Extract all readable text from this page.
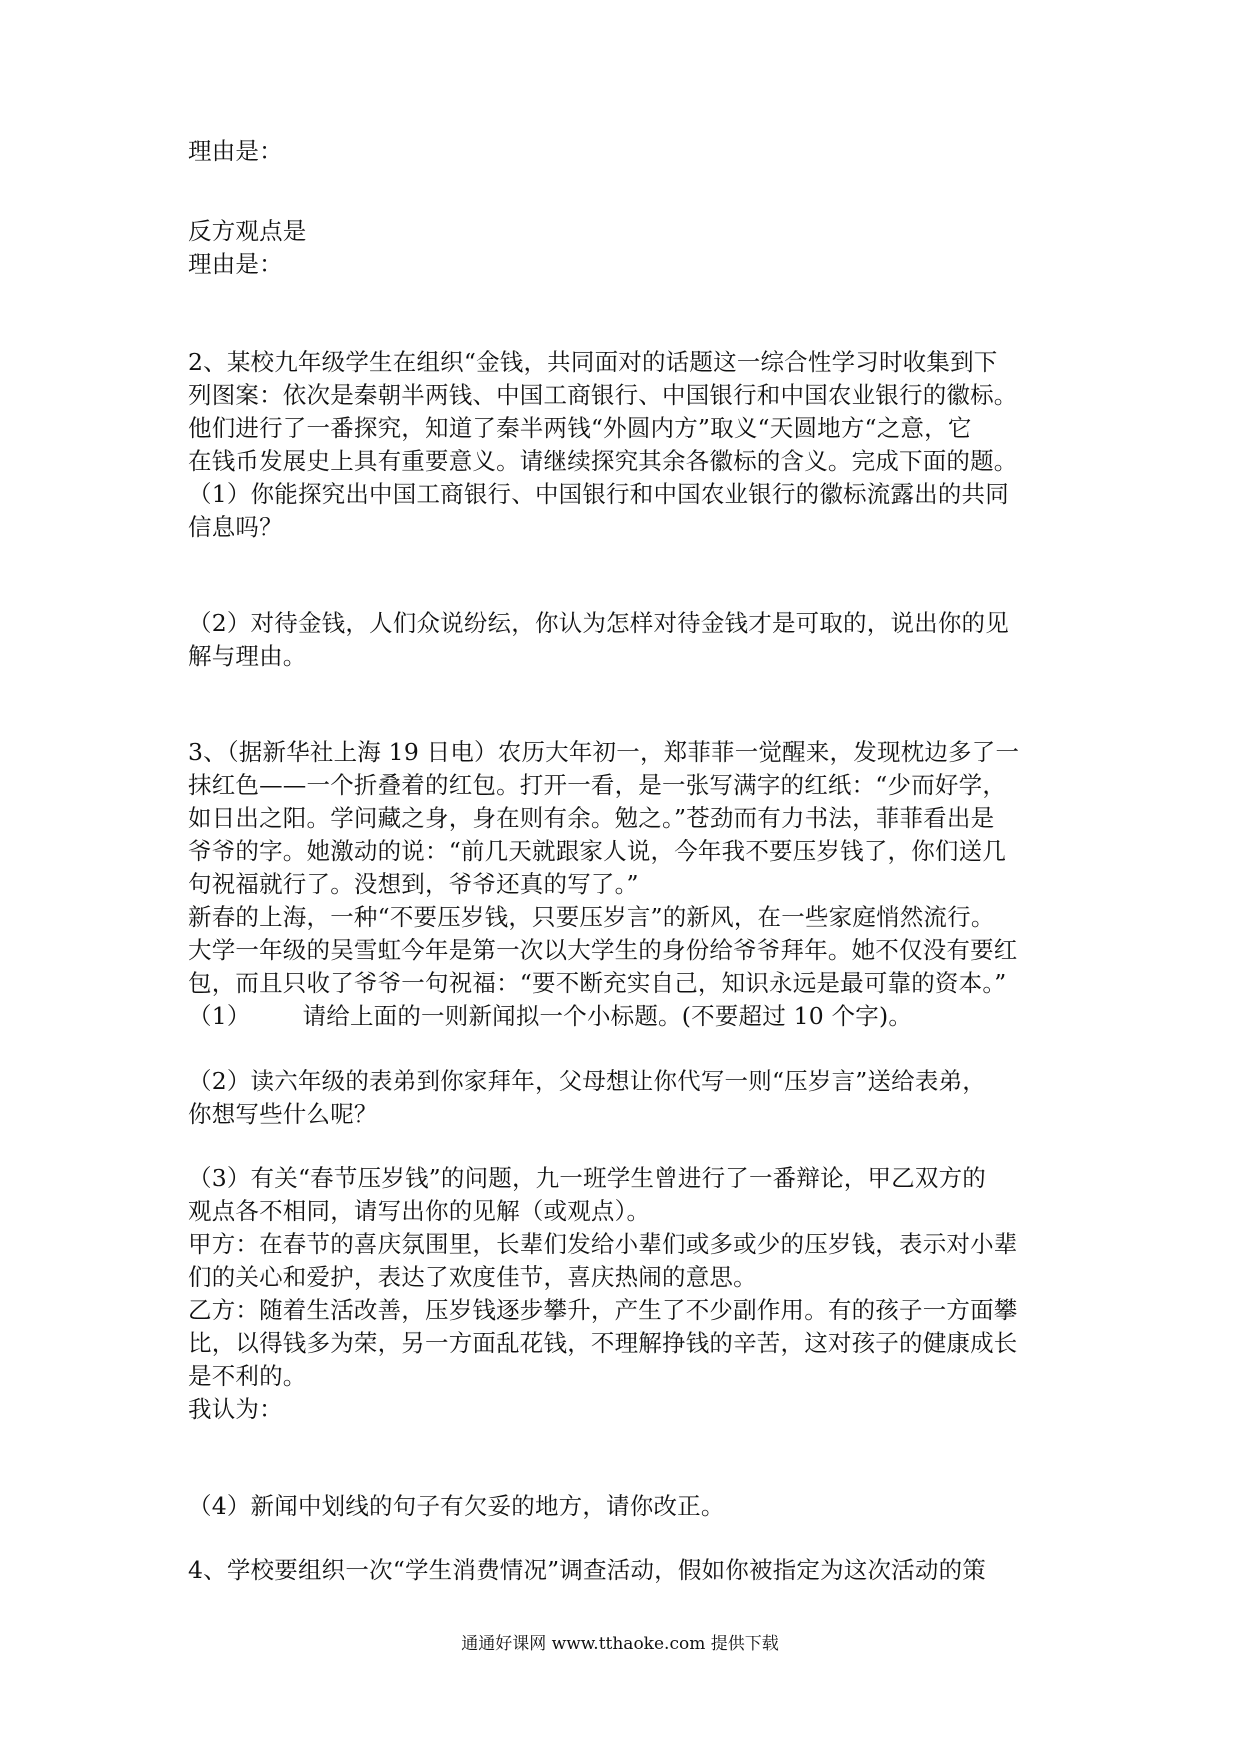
理由是：
反方观点是
理由是：
2、某校九年级学生在组织“金钱，共同面对的话题这一综合性学习时收集到下
列图案：依次是秦朝半两钱、中国工商银行、中国银行和中国农业银行的徽标。
他们进行了一番探究，知道了秦半两钱“外圆内方”取义“天圆地方“之意，它
在钱币发展史上具有重要意义。请继续探究其余各徽标的含义。完成下面的题。
（1）你能探究出中国工商银行、中国银行和中国农业银行的徽标流露出的共同
信息吗？
（2）对待金钱，人们众说纷纭，你认为怎样对待金钱才是可取的，说出你的见
解与理由。
3、（据新华社上海 19 日电）农历大年初一，郑菲菲一觉醒来，发现枕边多了一
抹红色——一个折叠着的红包。打开一看，是一张写满字的红纸：“少而好学，
如日出之阳。学问藏之身，身在则有余。勉之。”苍劲而有力书法，菲菲看出是
爷爷的字。她激动的说：“前几天就跟家人说，今年我不要压岁钱了，你们送几
句祝福就行了。没想到，爷爷还真的写了。”
新春的上海，一种“不要压岁钱，只要压岁言”的新风，在一些家庭悄然流行。
大学一年级的吴雪虹今年是第一次以大学生的身份给爷爷拜年。她不仅没有要红
包，而且只收了爷爷一句祝福：“要不断充实自己，知识永远是最可靠的资本。”
（1） 请给上面的一则新闻拟一个小标题。(不要超过 10 个字)。
（2）读六年级的表弟到你家拜年，父母想让你代写一则“压岁言”送给表弟，
你想写些什么呢？
（3）有关“春节压岁钱”的问题，九一班学生曾进行了一番辩论，甲乙双方的
观点各不相同，请写出你的见解（或观点）。
甲方：在春节的喜庆氛围里，长辈们发给小辈们或多或少的压岁钱，表示对小辈
们的关心和爱护，表达了欢度佳节，喜庆热闹的意思。
乙方：随着生活改善，压岁钱逐步攀升，产生了不少副作用。有的孩子一方面攀
比，以得钱多为荣，另一方面乱花钱，不理解挣钱的辛苦，这对孩子的健康成长
是不利的。
我认为：
（4）新闻中划线的句子有欠妥的地方，请你改正。
4、学校要组织一次“学生消费情况”调查活动，假如你被指定为这次活动的策
通通好课网 www.tthaoke.com 提供下载
